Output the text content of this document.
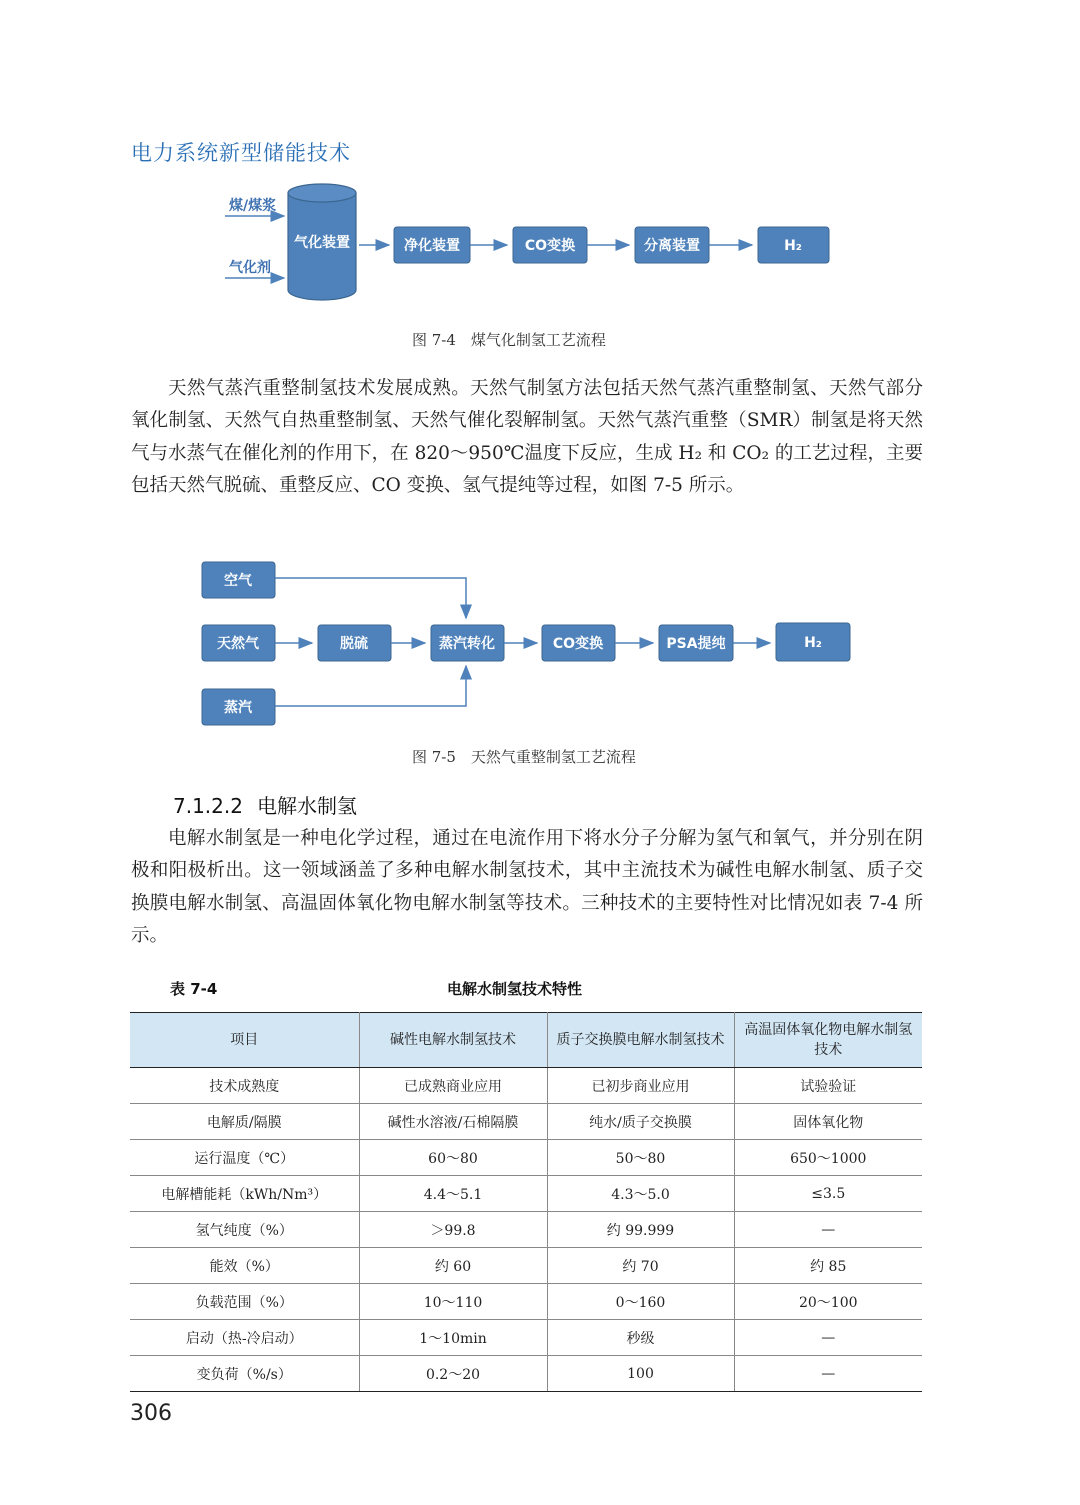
电力系统新型储能技术
煤/煤浆
气化剂
气化装置	净化装置	CO变换	分离装置	H₂
图 7-4　煤气化制氢工艺流程

天然气蒸汽重整制氢技术发展成熟。天然气制氢方法包括天然气蒸汽重整制氢、天然气部分氧化制氢、天然气自热重整制氢、天然气催化裂解制氢。天然气蒸汽重整（SMR）制氢是将天然气与水蒸气在催化剂的作用下，在 820～950℃温度下反应，生成 H₂ 和 CO₂ 的工艺过程，主要包括天然气脱硫、重整反应、CO 变换、氢气提纯等过程，如图 7-5 所示。

空气
天然气	脱硫	蒸汽转化	CO变换	PSA提纯	H₂
蒸汽
图 7-5　天然气重整制氢工艺流程
7.1.2.2 电解水制氢

电解水制氢是一种电化学过程，通过在电流作用下将水分子分解为氢气和氧气，并分别在阴极和阳极析出。这一领域涵盖了多种电解水制氢技术，其中主流技术为碱性电解水制氢、质子交换膜电解水制氢、高温固体氧化物电解水制氢等技术。三种技术的主要特性对比情况如表 7-4 所示。

表 7-4	电解水制氢技术特性
项目	碱性电解水制氢技术	质子交换膜电解水制氢技术	高温固体氧化物电解水制氢技术
技术成熟度	已成熟商业应用	已初步商业应用	试验验证
电解质/隔膜	碱性水溶液/石棉隔膜	纯水/质子交换膜	固体氧化物
运行温度（℃）	60～80	50～80	650～1000
电解槽能耗（kWh/Nm³）	4.4～5.1	4.3～5.0	≤3.5
氢气纯度（%）	＞99.8	约 99.999	—
能效（%）	约 60	约 70	约 85
负载范围（%）	10～110	0～160	20～100
启动（热-冷启动）	1～10min	秒级	—
变负荷（%/s）	0.2～20	100	—
306
